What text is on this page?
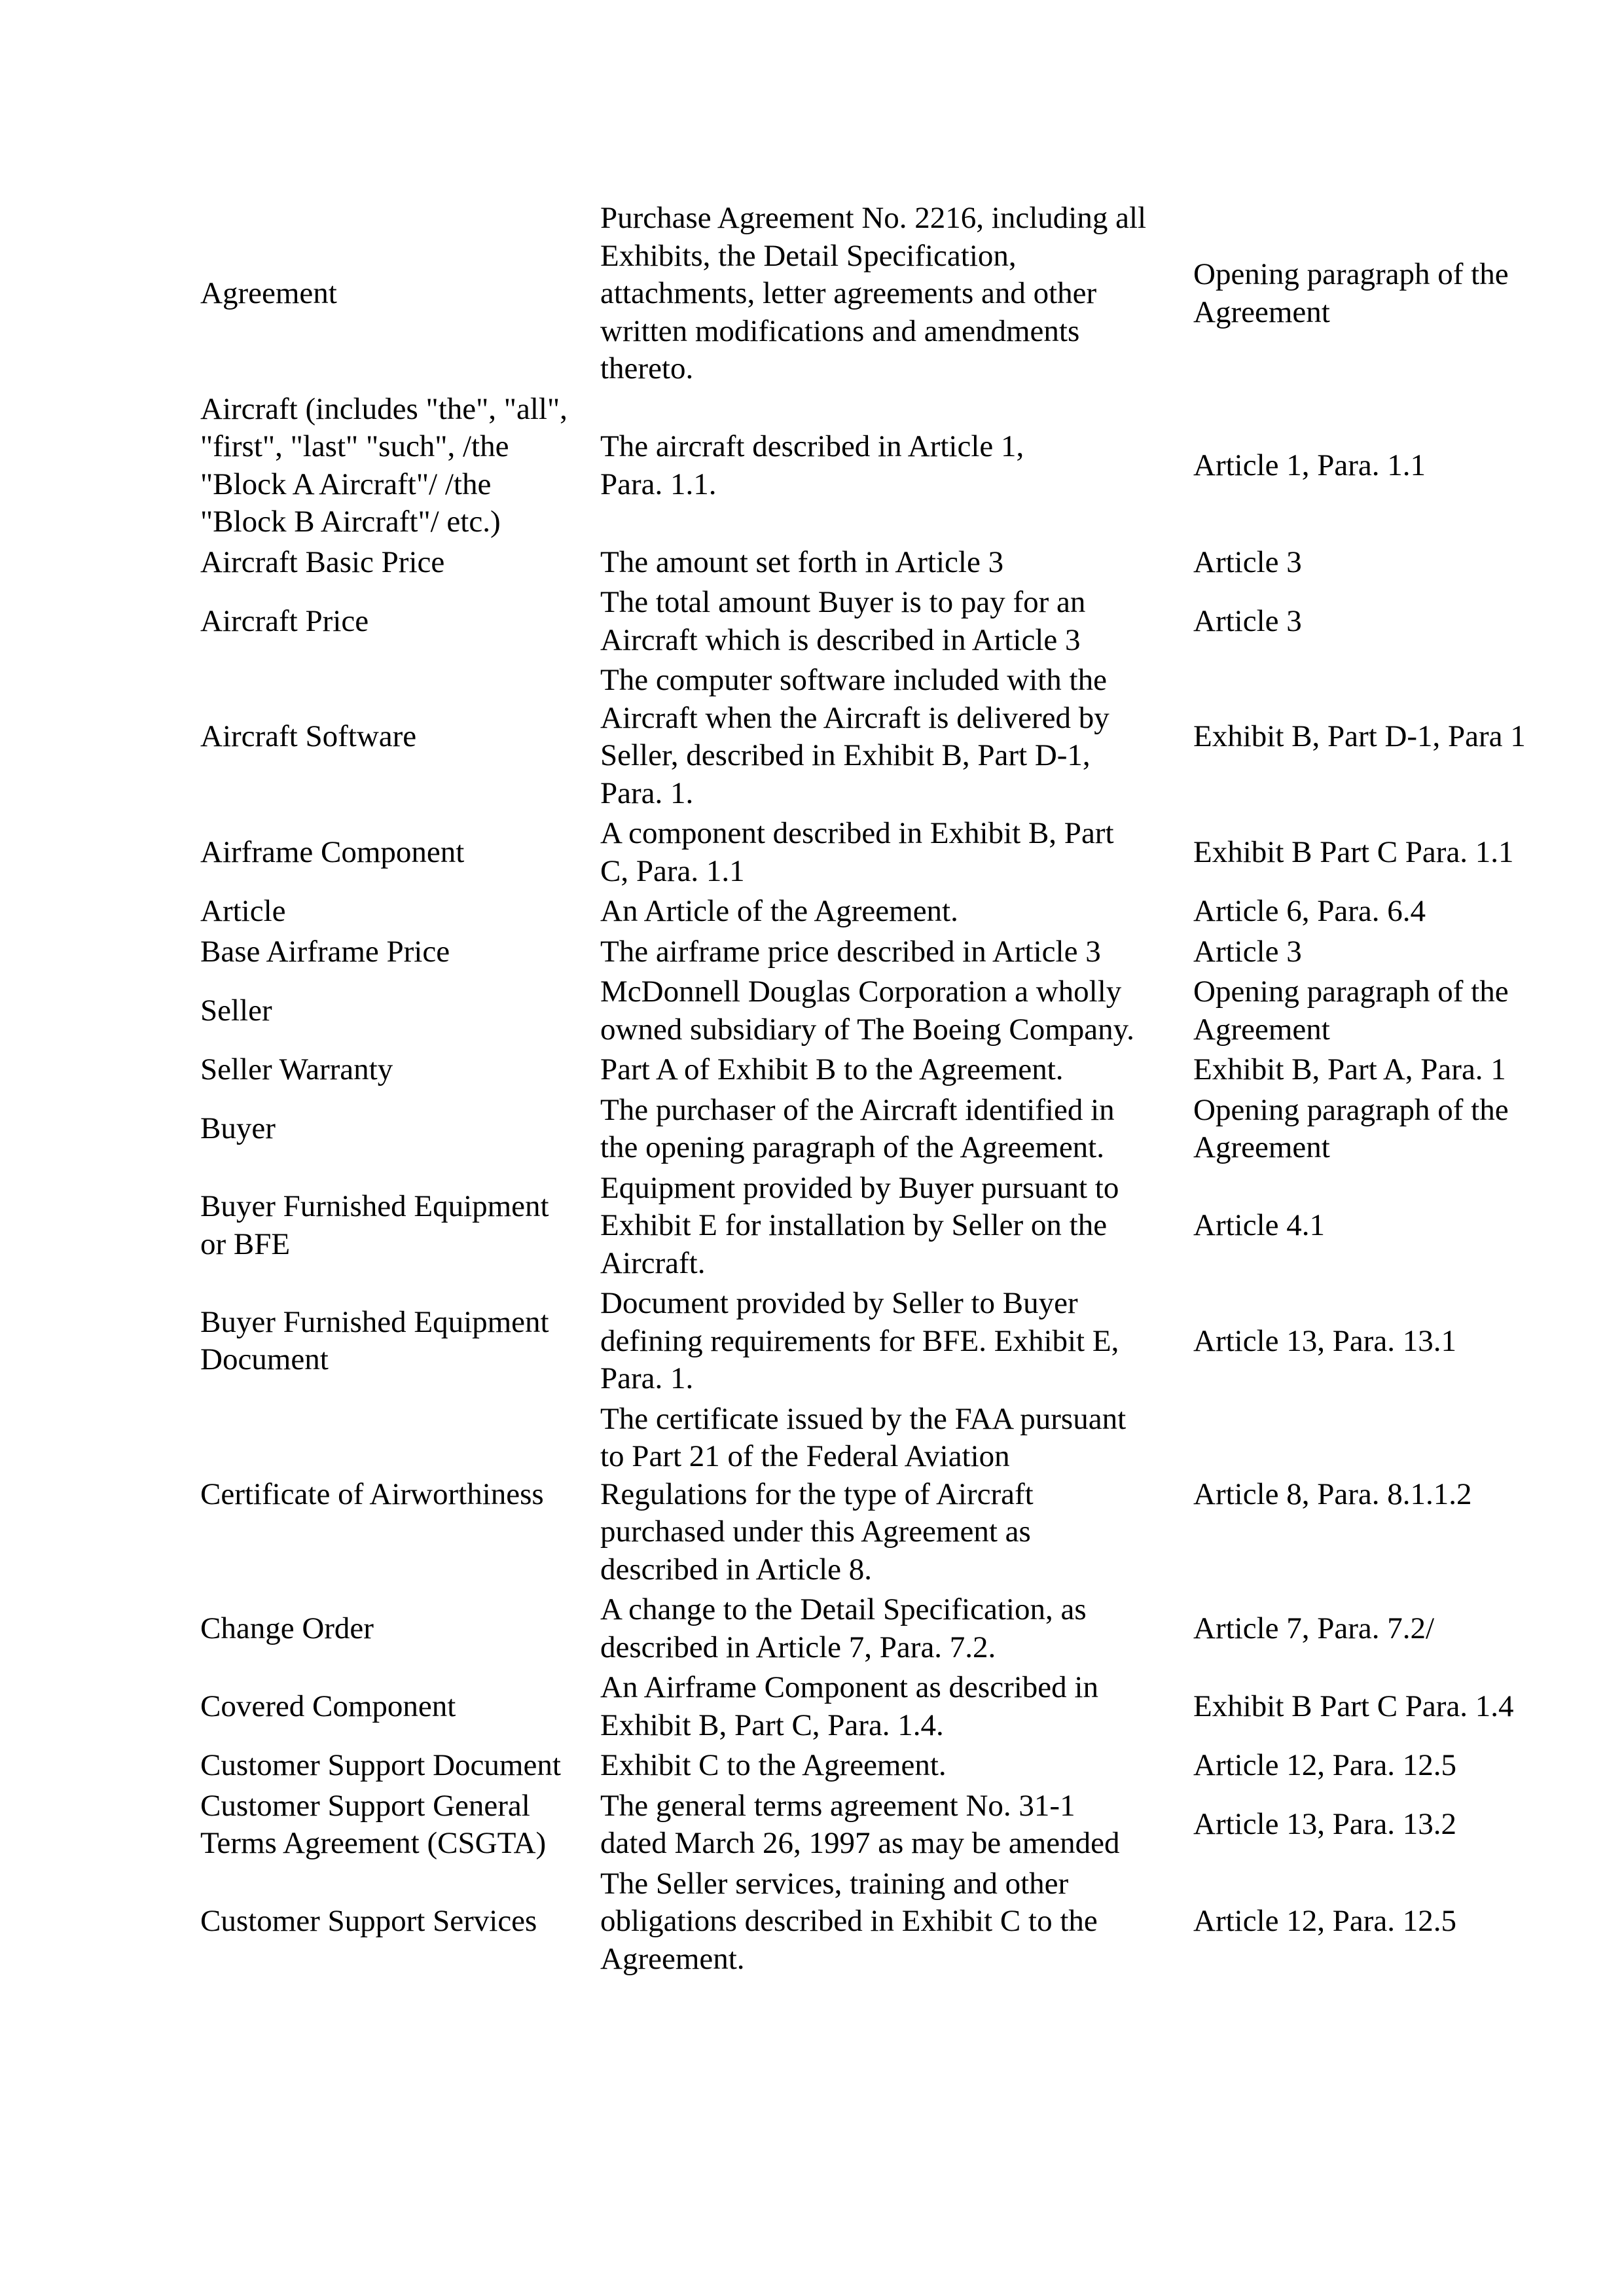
Agreement	Purchase Agreement No. 2216, including all
Exhibits, the Detail Specification,
attachments, letter agreements and other
written modifications and amendments
thereto.	Opening paragraph of the
Agreement

Aircraft (includes "the", "all",
"first", "last" "such", /the
"Block A Aircraft"/ /the
"Block B Aircraft"/ etc.)	The aircraft described in Article 1,
Para. 1.1.	Article 1, Para. 1.1

Aircraft Basic Price	The amount set forth in Article 3	Article 3

Aircraft Price	The total amount Buyer is to pay for an
Aircraft which is described in Article 3	Article 3

Aircraft Software	The computer software included with the
Aircraft when the Aircraft is delivered by
Seller, described in Exhibit B, Part D-1,
Para. 1.	Exhibit B, Part D-1, Para 1

Airframe Component	A component described in Exhibit B, Part
C, Para. 1.1	Exhibit B Part C Para. 1.1

Article	An Article of the Agreement.	Article 6, Para. 6.4

Base Airframe Price	The airframe price described in Article 3	Article 3

Seller	McDonnell Douglas Corporation a wholly
owned subsidiary of The Boeing Company.	Opening paragraph of the
Agreement

Seller Warranty	Part A of Exhibit B to the Agreement.	Exhibit B, Part A, Para. 1

Buyer	The purchaser of the Aircraft identified in
the opening paragraph of the Agreement.	Opening paragraph of the
Agreement

Buyer Furnished Equipment
or BFE	Equipment provided by Buyer pursuant to
Exhibit E for installation by Seller on the
Aircraft.	Article 4.1

Buyer Furnished Equipment
Document	Document provided by Seller to Buyer
defining requirements for BFE. Exhibit E,
Para. 1.	Article 13, Para. 13.1

Certificate of Airworthiness	The certificate issued by the FAA pursuant
to Part 21 of the Federal Aviation
Regulations for the type of Aircraft
purchased under this Agreement as
described in Article 8.	Article 8, Para. 8.1.1.2

Change Order	A change to the Detail Specification, as
described in Article 7, Para. 7.2.	Article 7, Para. 7.2/

Covered Component	An Airframe Component as described in
Exhibit B, Part C, Para. 1.4.	Exhibit B Part C Para. 1.4

Customer Support Document	Exhibit C to the Agreement.	Article 12, Para. 12.5

Customer Support General
Terms Agreement (CSGTA)	The general terms agreement No. 31-1
dated March 26, 1997 as may be amended	Article 13, Para. 13.2

Customer Support Services	The Seller services, training and other
obligations described in Exhibit C to the
Agreement.	Article 12, Para. 12.5
